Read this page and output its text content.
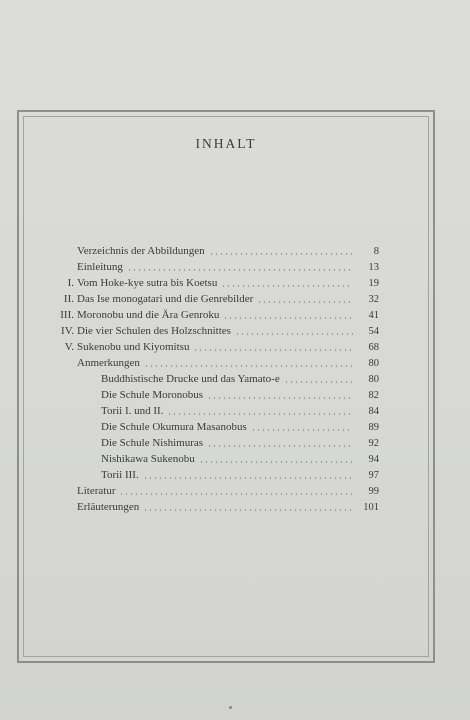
INHALT
Verzeichnis der Abbildungen	8
Einleitung	13
I. Vom Hoke-kye sutra bis Koetsu	19
II. Das Ise monogatari und die Genrebilder	32
III. Moronobu und die Ära Genroku	41
IV. Die vier Schulen des Holzschnittes	54
V. Sukenobu und Kiyomitsu	68
Anmerkungen	80
Buddhistische Drucke und das Yamato-e	80
Die Schule Moronobus	82
Torii I. und II.	84
Die Schule Okumura Masanobus	89
Die Schule Nishimuras	92
Nishikawa Sukenobu	94
Torii III.	97
Literatur	99
Erläuterungen	101
